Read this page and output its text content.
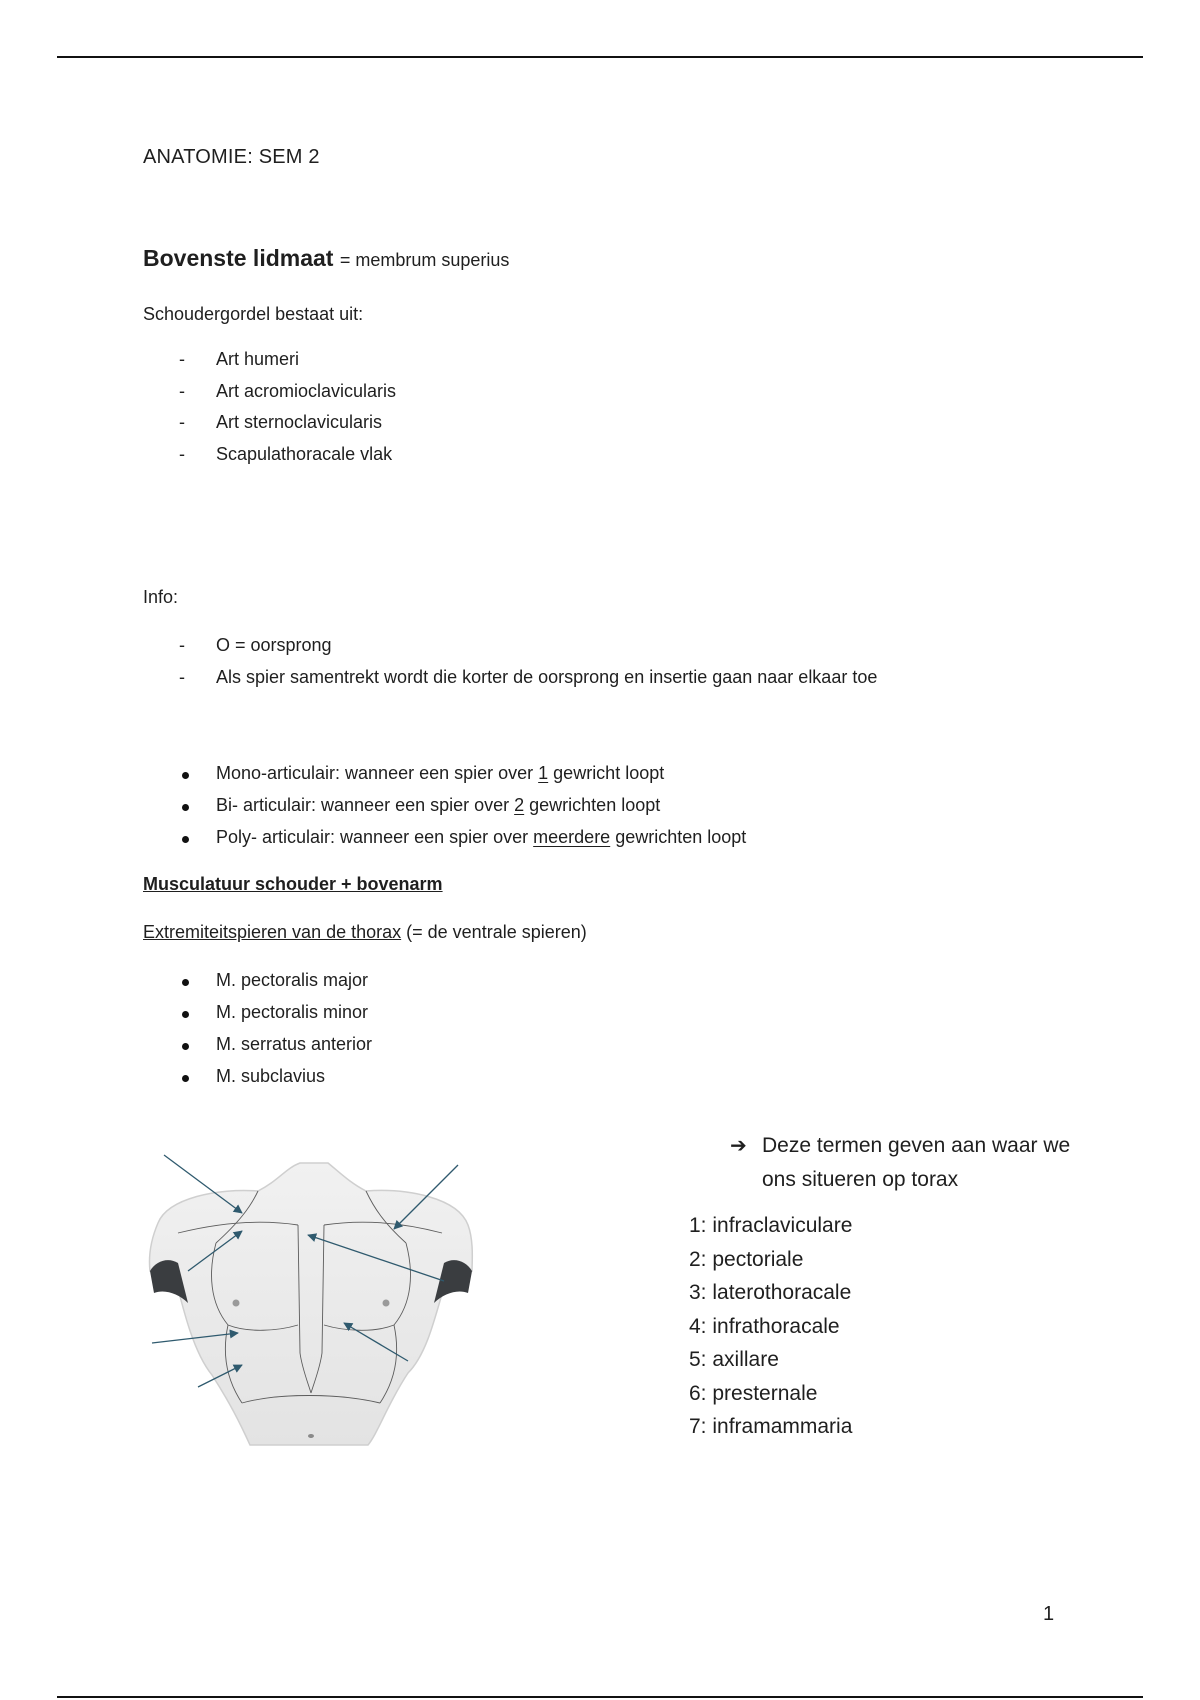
ANATOMIE: SEM 2
Bovenste lidmaat = membrum superius
Schoudergordel bestaat uit:
- Art humeri
- Art acromioclavicularis
- Art sternoclavicularis
- Scapulathoracale vlak
Info:
- O = oorsprong
- Als spier samentrekt wordt die korter de oorsprong en insertie gaan naar elkaar toe
Mono-articulair: wanneer een spier over 1 gewricht loopt
Bi- articulair: wanneer een spier over 2 gewrichten loopt
Poly- articulair: wanneer een spier over meerdere gewrichten loopt
Musculatuur schouder + bovenarm
Extremiteitspieren van de thorax (= de ventrale spieren)
M. pectoralis major
M. pectoralis minor
M. serratus anterior
M. subclavius
➔ Deze termen geven aan waar we
ons situeren op torax
1: infraclaviculare
2: pectoriale
3: laterothoracale
4: infrathoracale
5: axillare
6: presternale
7: inframammaria
1
